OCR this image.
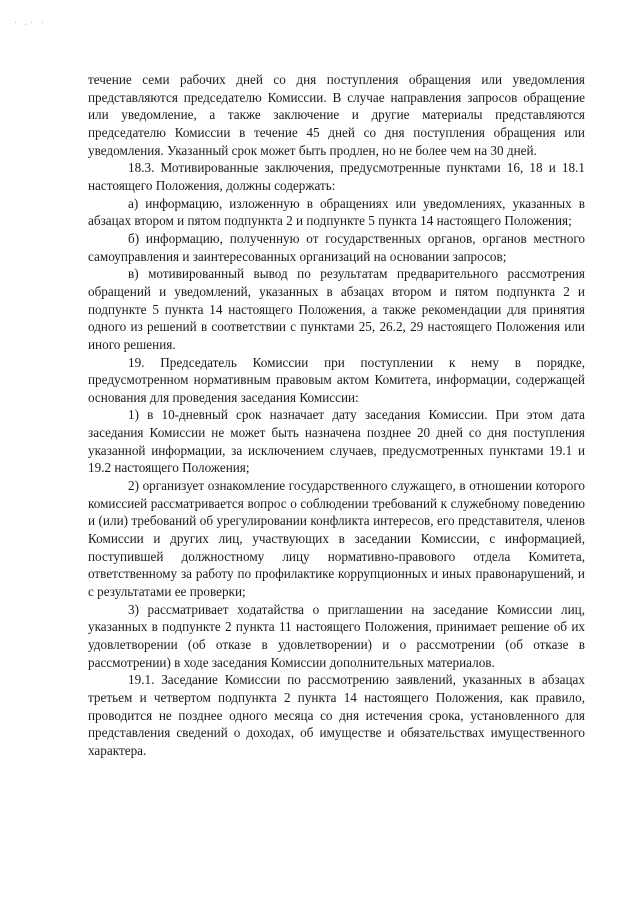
· .· ·

течение семи рабочих дней со дня поступления обращения или уведомления представляются председателю Комиссии. В случае направления запросов обращение или уведомление, а также заключение и другие материалы представляются председателю Комиссии в течение 45 дней со дня поступления обращения или уведомления. Указанный срок может быть продлен, но не более чем на 30 дней.

18.3. Мотивированные заключения, предусмотренные пунктами 16, 18 и 18.1 настоящего Положения, должны содержать:

а) информацию, изложенную в обращениях или уведомлениях, указанных в абзацах втором и пятом подпункта 2 и подпункте 5 пункта 14 настоящего Положения;

б) информацию, полученную от государственных органов, органов местного самоуправления и заинтересованных организаций на основании запросов;

в) мотивированный вывод по результатам предварительного рассмотрения обращений и уведомлений, указанных в абзацах втором и пятом подпункта 2 и подпункте 5 пункта 14 настоящего Положения, а также рекомендации для принятия одного из решений в соответствии с пунктами 25, 26.2, 29 настоящего Положения или иного решения.

19. Председатель Комиссии при поступлении к нему в порядке, предусмотренном нормативным правовым актом Комитета, информации, содержащей основания для проведения заседания Комиссии:

1) в 10-дневный срок назначает дату заседания Комиссии. При этом дата заседания Комиссии не может быть назначена позднее 20 дней со дня поступления указанной информации, за исключением случаев, предусмотренных пунктами 19.1 и 19.2 настоящего Положения;

2) организует ознакомление государственного служащего, в отношении которого комиссией рассматривается вопрос о соблюдении требований к служебному поведению и (или) требований об урегулировании конфликта интересов, его представителя, членов Комиссии и других лиц, участвующих в заседании Комиссии, с информацией, поступившей должностному лицу нормативно-правового отдела Комитета, ответственному за работу по профилактике коррупционных и иных правонарушений, и с результатами ее проверки;

3) рассматривает ходатайства о приглашении на заседание Комиссии лиц, указанных в подпункте 2 пункта 11 настоящего Положения, принимает решение об их удовлетворении (об отказе в удовлетворении) и о рассмотрении (об отказе в рассмотрении) в ходе заседания Комиссии дополнительных материалов.

19.1. Заседание Комиссии по рассмотрению заявлений, указанных в абзацах третьем и четвертом подпункта 2 пункта 14 настоящего Положения, как правило, проводится не позднее одного месяца со дня истечения срока, установленного для представления сведений о доходах, об имуществе и обязательствах имущественного характера.
